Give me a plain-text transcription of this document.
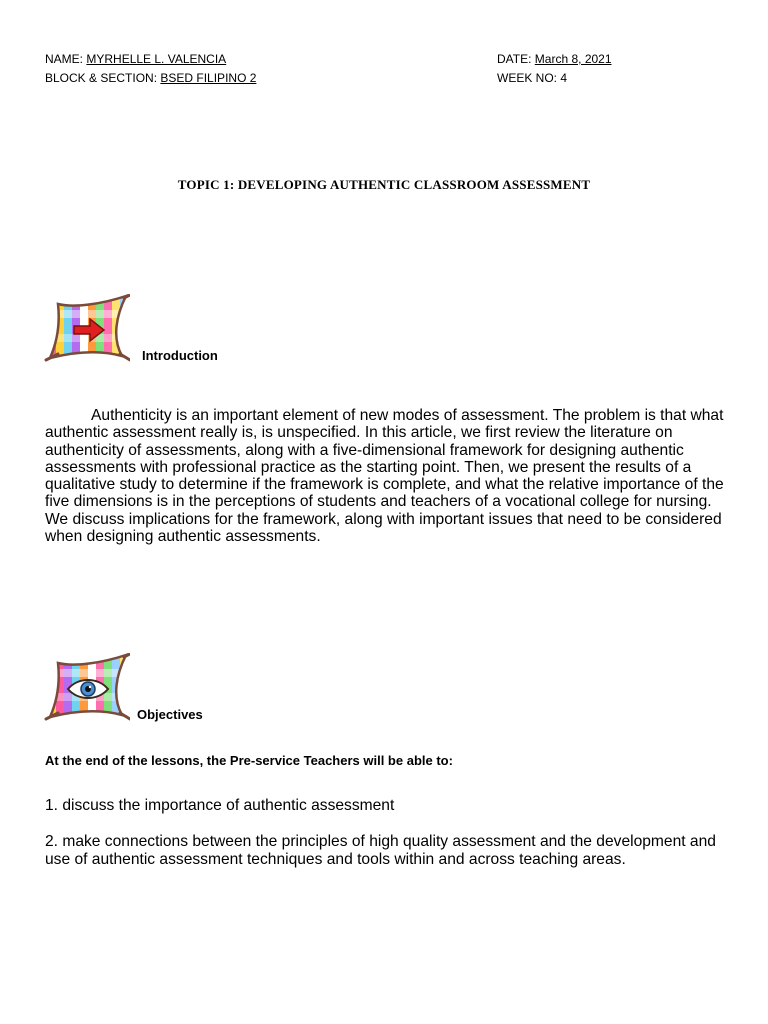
NAME: MYRHELLE L. VALENCIA
BLOCK & SECTION: BSED FILIPINO 2
DATE: March 8, 2021
WEEK NO: 4
TOPIC 1: DEVELOPING AUTHENTIC CLASSROOM ASSESSMENT
Introduction

Authenticity is an important element of new modes of assessment. The problem is that what authentic assessment really is, is unspecified. In this article, we first review the literature on authenticity of assessments, along with a five-dimensional framework for designing authentic assessments with professional practice as the starting point. Then, we present the results of a qualitative study to determine if the framework is complete, and what the relative importance of the five dimensions is in the perceptions of students and teachers of a vocational college for nursing. We discuss implications for the framework, along with important issues that need to be considered when designing authentic assessments.

Objectives
At the end of the lessons, the Pre-service Teachers will be able to:

1. discuss the importance of authentic assessment

2. make connections between the principles of high quality assessment and the development and use of authentic assessment techniques and tools within and across teaching areas.
